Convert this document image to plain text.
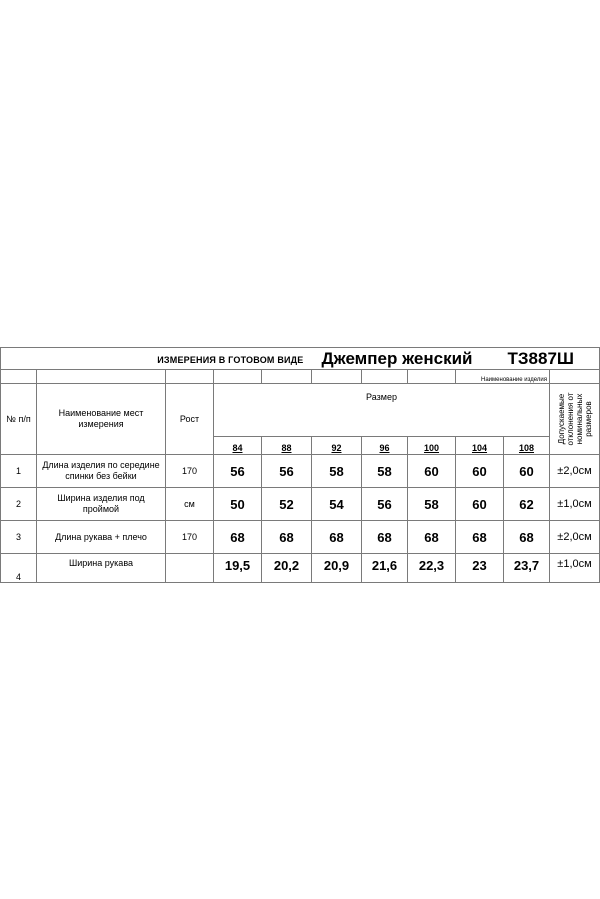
ИЗМЕРЕНИЯ В ГОТОВОМ ВИДЕ					Джемпер женский				ТЗ887Ш	
								Наименование изделия		
№ п/п	Наименование мест измерения	Рост	Размер							Допускаемые отклонения от номинальных размеров

			84	88	92	96	100	104	108	
1	Длина изделия по середине спинки без бейки	170	56	56	58	58	60	60	60	±2,0см
2	Ширина изделия под проймой	см	50	52	54	56	58	60	62	±1,0см
3	Длина рукава + плечо	170	68	68	68	68	68	68	68	±2,0см
4	Ширина рукава		19,5	20,2	20,9	21,6	22,3	23	23,7	±1,0см
